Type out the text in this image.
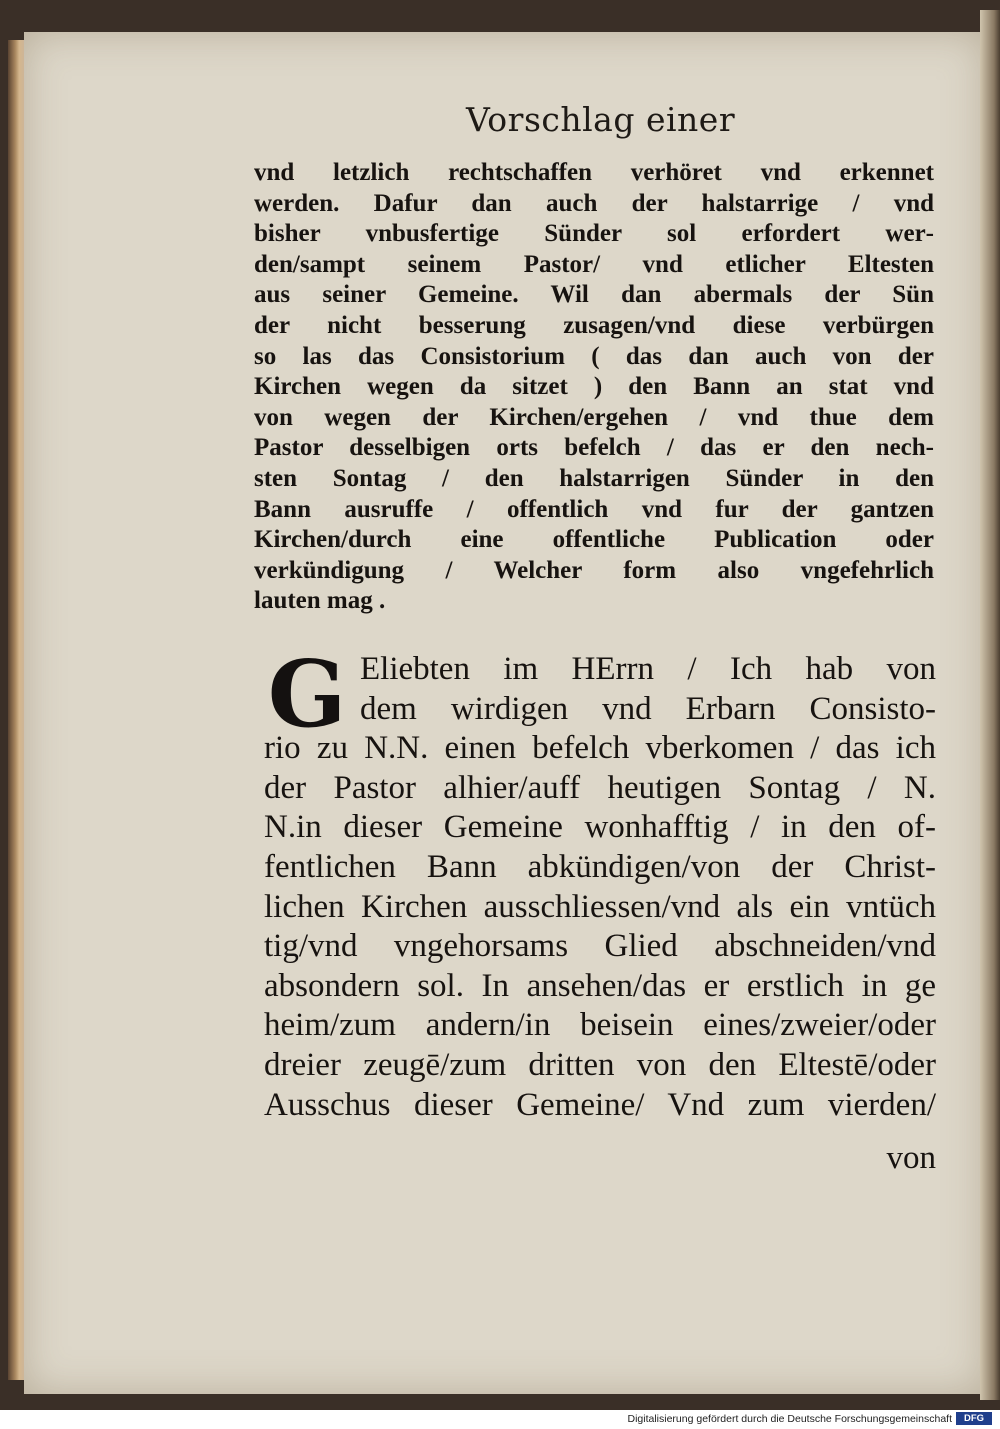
Vorschlag einer
vnd letzlich rechtschaffen verhöret vnd erkennet
werden. Dafur dan auch der halstarrige / vnd
bisher vnbusfertige Sünder sol erfordert wer‑
den/sampt seinem Pastor/ vnd etlicher Eltesten
aus seiner Gemeine. Wil dan abermals der Sün
der nicht besserung zusagen/vnd diese verbürgen
so las das Consistorium ( das dan auch von der
Kirchen wegen da sitzet ) den Bann an stat vnd
von wegen der Kirchen/ergehen / vnd thue dem
Pastor desselbigen orts befelch / das er den nech‑
sten Sontag / den halstarrigen Sünder in den
Bann ausruffe / offentlich vnd fur der gantzen
Kirchen/durch eine offentliche Publication oder
verkündigung / Welcher form also vngefehrlich
lauten mag .
G Eliebten im HErrn / Ich hab von
dem wirdigen vnd Erbarn Consisto‑
rio zu N.N. einen befelch vberkomen / das ich
der Pastor alhier/auff heutigen Sontag / N.
N.in dieser Gemeine wonhafftig / in den of‑
fentlichen Bann abkündigen/von der Christ‑
lichen Kirchen ausschliessen/vnd als ein vntüch
tig/vnd vngehorsams Glied abschneiden/vnd
absondern sol. In ansehen/das er erstlich in ge
heim/zum andern/in beisein eines/zweier/oder
dreier zeugē/zum dritten von den Eltestē/oder
Ausschus dieser Gemeine/ Vnd zum vierden/
von
Digitalisierung gefördert durch die Deutsche Forschungsgemeinschaft	DFG
